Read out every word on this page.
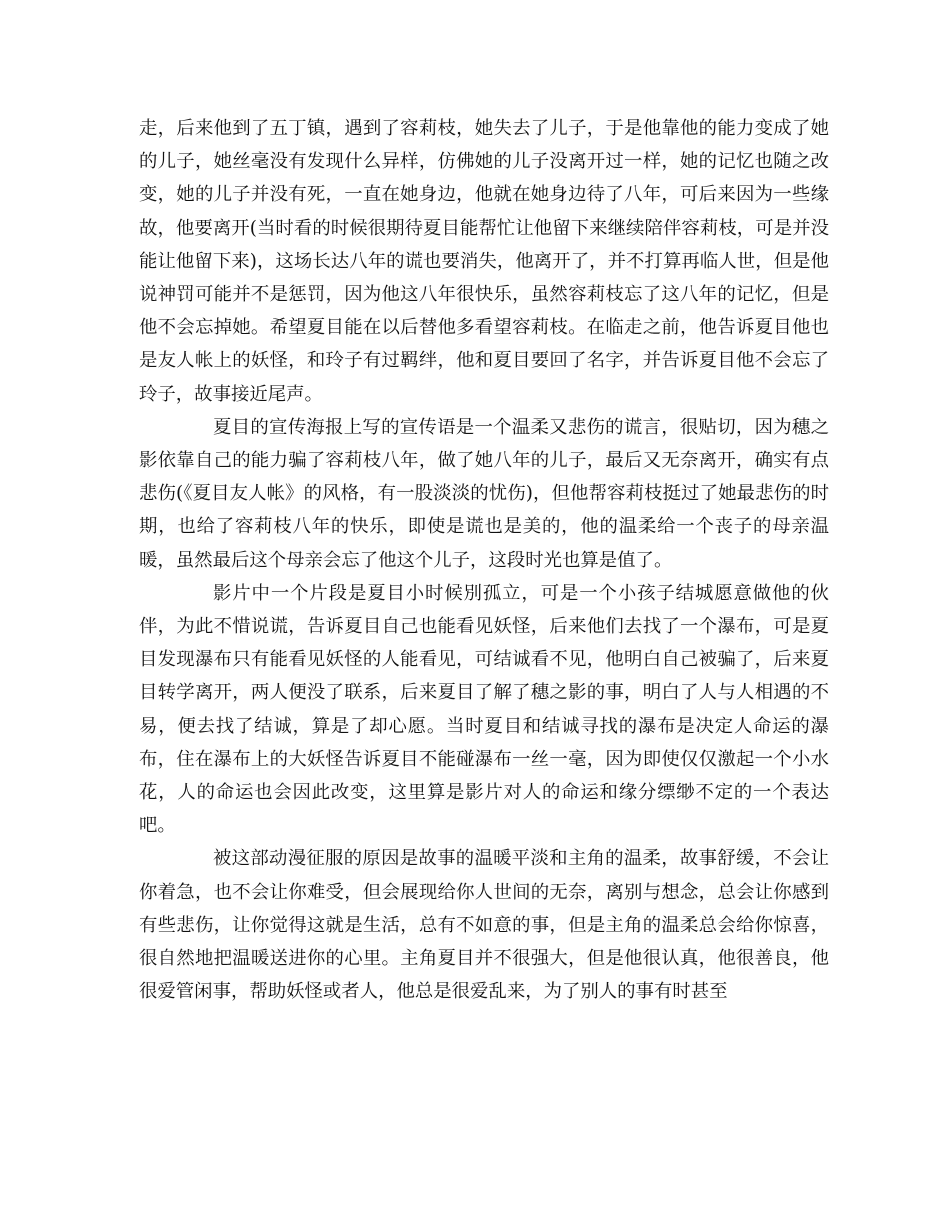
走，后来他到了五丁镇，遇到了容莉枝，她失去了儿子，于是他靠他的能力变成了她的儿子，她丝毫没有发现什么异样，仿佛她的儿子没离开过一样，她的记忆也随之改变，她的儿子并没有死，一直在她身边，他就在她身边待了八年，可后来因为一些缘故，他要离开(当时看的时候很期待夏目能帮忙让他留下来继续陪伴容莉枝，可是并没能让他留下来)，这场长达八年的谎也要消失，他离开了，并不打算再临人世，但是他说神罚可能并不是惩罚，因为他这八年很快乐，虽然容莉枝忘了这八年的记忆，但是他不会忘掉她。希望夏目能在以后替他多看望容莉枝。在临走之前，他告诉夏目他也是友人帐上的妖怪，和玲子有过羁绊，他和夏目要回了名字，并告诉夏目他不会忘了玲子，故事接近尾声。

夏目的宣传海报上写的宣传语是一个温柔又悲伤的谎言，很贴切，因为穗之影依靠自己的能力骗了容莉枝八年，做了她八年的儿子，最后又无奈离开，确实有点悲伤(《夏目友人帐》的风格，有一股淡淡的忧伤)，但他帮容莉枝挺过了她最悲伤的时期，也给了容莉枝八年的快乐，即使是谎也是美的，他的温柔给一个丧子的母亲温暖，虽然最后这个母亲会忘了他这个儿子，这段时光也算是值了。

影片中一个片段是夏目小时候別孤立，可是一个小孩子结城愿意做他的伙伴，为此不惜说谎，告诉夏目自己也能看见妖怪，后来他们去找了一个瀑布，可是夏目发现瀑布只有能看见妖怪的人能看见，可结诚看不见，他明白自己被骗了，后来夏目转学离开，两人便没了联系，后来夏目了解了穗之影的事，明白了人与人相遇的不易，便去找了结诚，算是了却心愿。当时夏目和结诚寻找的瀑布是决定人命运的瀑布，住在瀑布上的大妖怪告诉夏目不能碰瀑布一丝一毫，因为即使仅仅激起一个小水花，人的命运也会因此改变，这里算是影片对人的命运和缘分缥缈不定的一个表达吧。

被这部动漫征服的原因是故事的温暖平淡和主角的温柔，故事舒缓，不会让你着急，也不会让你难受，但会展现给你人世间的无奈，离别与想念，总会让你感到有些悲伤，让你觉得这就是生活，总有不如意的事，但是主角的温柔总会给你惊喜，很自然地把温暖送进你的心里。主角夏目并不很强大，但是他很认真，他很善良，他很爱管闲事，帮助妖怪或者人，他总是很爱乱来，为了别人的事有时甚至
